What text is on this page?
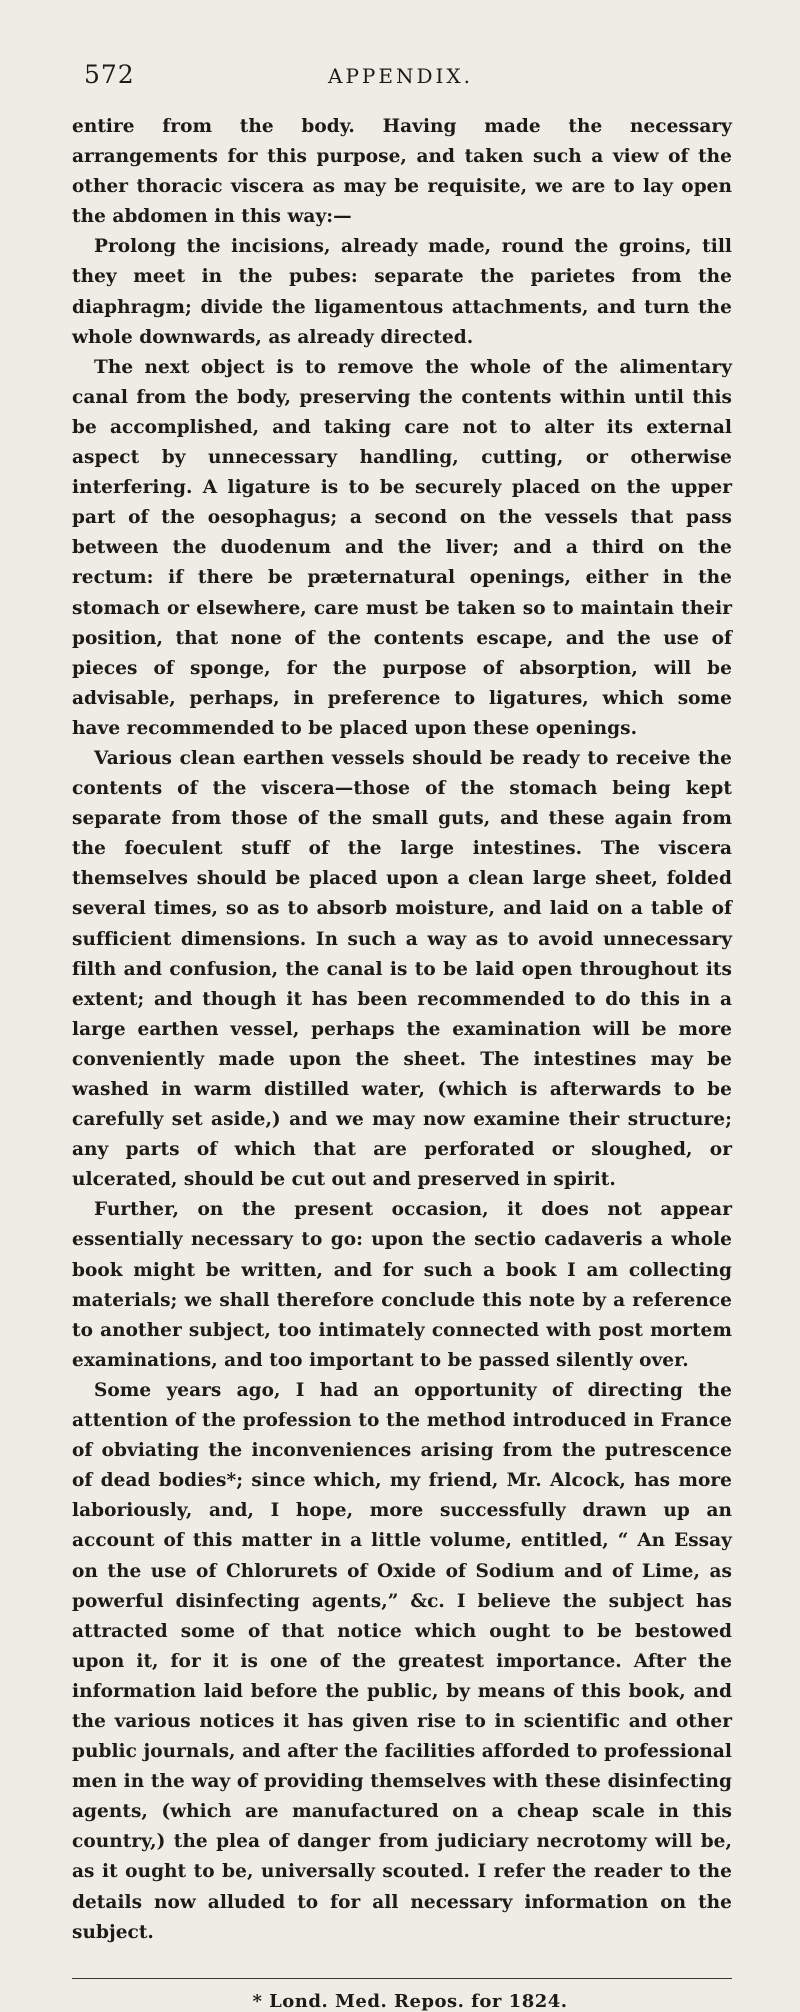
572	APPENDIX.

entire from the body. Having made the necessary arrangements for this purpose, and taken such a view of the other thoracic viscera as may be requisite, we are to lay open the abdomen in this way:—

Prolong the incisions, already made, round the groins, till they meet in the pubes: separate the parietes from the diaphragm; divide the ligamentous attachments, and turn the whole downwards, as already directed.

The next object is to remove the whole of the alimentary canal from the body, preserving the contents within until this be accomplished, and taking care not to alter its external aspect by unnecessary handling, cutting, or otherwise interfering. A ligature is to be securely placed on the upper part of the oesophagus; a second on the vessels that pass between the duodenum and the liver; and a third on the rectum: if there be præternatural openings, either in the stomach or elsewhere, care must be taken so to maintain their position, that none of the contents escape, and the use of pieces of sponge, for the purpose of absorption, will be advisable, perhaps, in preference to ligatures, which some have recommended to be placed upon these openings.

Various clean earthen vessels should be ready to receive the contents of the viscera—those of the stomach being kept separate from those of the small guts, and these again from the foeculent stuff of the large intestines. The viscera themselves should be placed upon a clean large sheet, folded several times, so as to absorb moisture, and laid on a table of sufficient dimensions. In such a way as to avoid unnecessary filth and confusion, the canal is to be laid open throughout its extent; and though it has been recommended to do this in a large earthen vessel, perhaps the examination will be more conveniently made upon the sheet. The intestines may be washed in warm distilled water, (which is afterwards to be carefully set aside,) and we may now examine their structure; any parts of which that are perforated or sloughed, or ulcerated, should be cut out and preserved in spirit.

Further, on the present occasion, it does not appear essentially necessary to go: upon the sectio cadaveris a whole book might be written, and for such a book I am collecting materials; we shall therefore conclude this note by a reference to another subject, too intimately connected with post mortem examinations, and too important to be passed silently over.

Some years ago, I had an opportunity of directing the attention of the profession to the method introduced in France of obviating the inconveniences arising from the putrescence of dead bodies*; since which, my friend, Mr. Alcock, has more laboriously, and, I hope, more successfully drawn up an account of this matter in a little volume, entitled, “ An Essay on the use of Chlorurets of Oxide of Sodium and of Lime, as powerful disinfecting agents,” &c. I believe the subject has attracted some of that notice which ought to be bestowed upon it, for it is one of the greatest importance. After the information laid before the public, by means of this book, and the various notices it has given rise to in scientific and other public journals, and after the facilities afforded to professional men in the way of providing themselves with these disinfecting agents, (which are manufactured on a cheap scale in this country,) the plea of danger from judiciary necrotomy will be, as it ought to be, universally scouted. I refer the reader to the details now alluded to for all necessary information on the subject.

* Lond. Med. Repos. for 1824.
